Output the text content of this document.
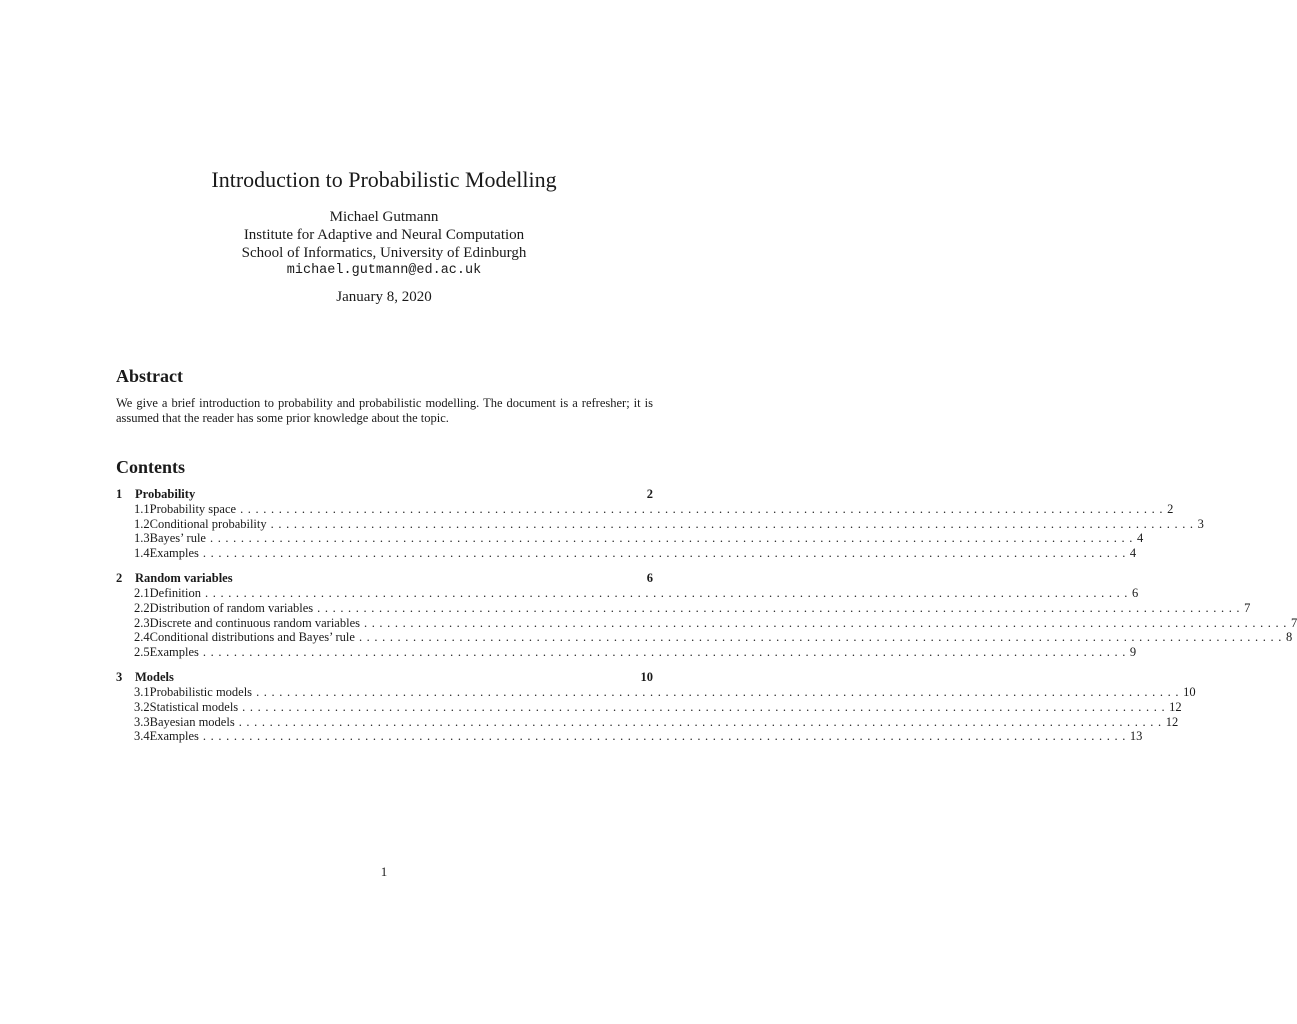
Introduction to Probabilistic Modelling
Michael Gutmann
Institute for Adaptive and Neural Computation
School of Informatics, University of Edinburgh
michael.gutmann@ed.ac.uk
January 8, 2020
Abstract
We give a brief introduction to probability and probabilistic modelling. The document is a refresher; it is assumed that the reader has some prior knowledge about the topic.
Contents
1	Probability	2
1.1 Probability space ........................................................................................................................ 2
1.2 Conditional probability ........................................................................................................................ 3
1.3 Bayes’ rule ........................................................................................................................ 4
1.4 Examples ........................................................................................................................ 4
2	Random variables	6
2.1 Definition ........................................................................................................................ 6
2.2 Distribution of random variables ........................................................................................................................ 7
2.3 Discrete and continuous random variables ........................................................................................................................ 7
2.4 Conditional distributions and Bayes’ rule ........................................................................................................................ 8
2.5 Examples ........................................................................................................................ 9
3	Models	10
3.1 Probabilistic models ........................................................................................................................ 10
3.2 Statistical models ........................................................................................................................ 12
3.3 Bayesian models ........................................................................................................................ 12
3.4 Examples ........................................................................................................................ 13
1
